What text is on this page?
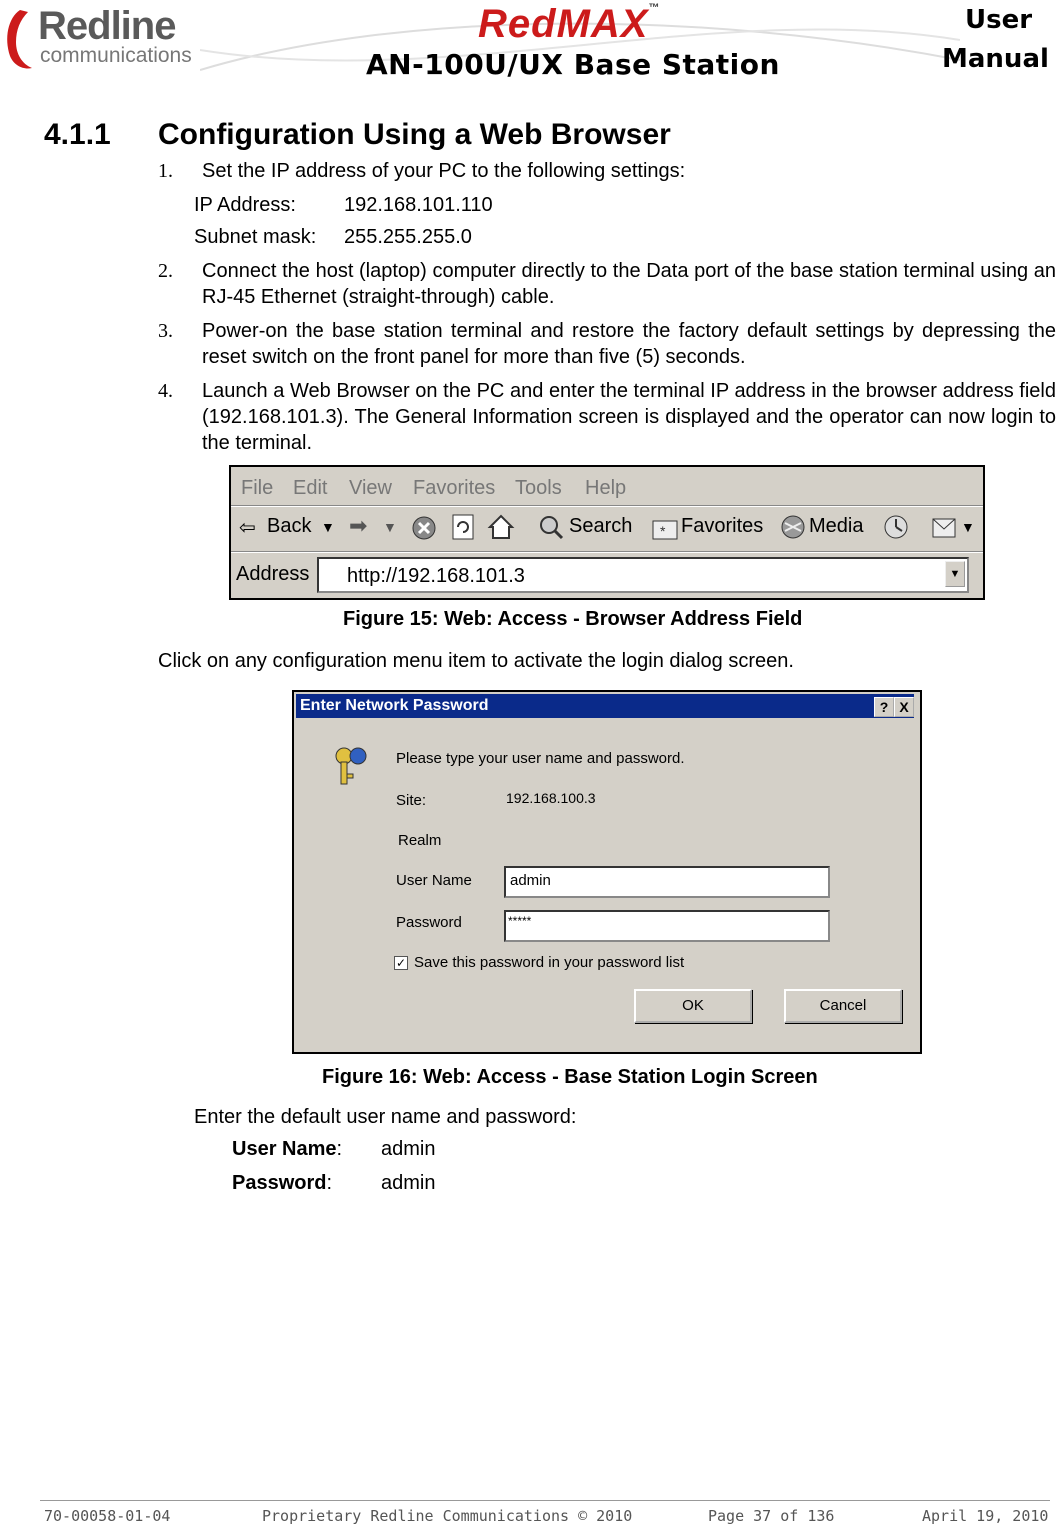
Redline
communications
RedMAX™
AN-100U/UX Base Station
User
Manual
4.1.1 Configuration Using a Web Browser
1. Set the IP address of your PC to the following settings:
IP Address: 192.168.101.110
Subnet mask: 255.255.255.0
2. Connect the host (laptop) computer directly to the Data port of the base station terminal using an RJ-45 Ethernet (straight-through) cable.
3. Power-on the base station terminal and restore the factory default settings by depressing the reset switch on the front panel for more than five (5) seconds.
4. Launch a Web Browser on the PC and enter the terminal IP address in the browser address field (192.168.101.3). The General Information screen is displayed and the operator can now login to the terminal.
File Edit View Favorites Tools Help
⇦ Back ▼ ➡ ▼	Search * Favorites Media	▼
Address http://192.168.101.3	▼
Figure 15: Web: Access - Browser Address Field
Click on any configuration menu item to activate the login dialog screen.
Enter Network Password	? X
Please type your user name and password.
Site:	192.168.100.3
Realm
User Name	admin
Password	*****
✓ Save this password in your password list
OK	Cancel
Figure 16: Web: Access - Base Station Login Screen
Enter the default user name and password:
User Name: admin
Password: admin
70-00058-01-04	Proprietary Redline Communications © 2010	Page 37 of 136	April 19, 2010
